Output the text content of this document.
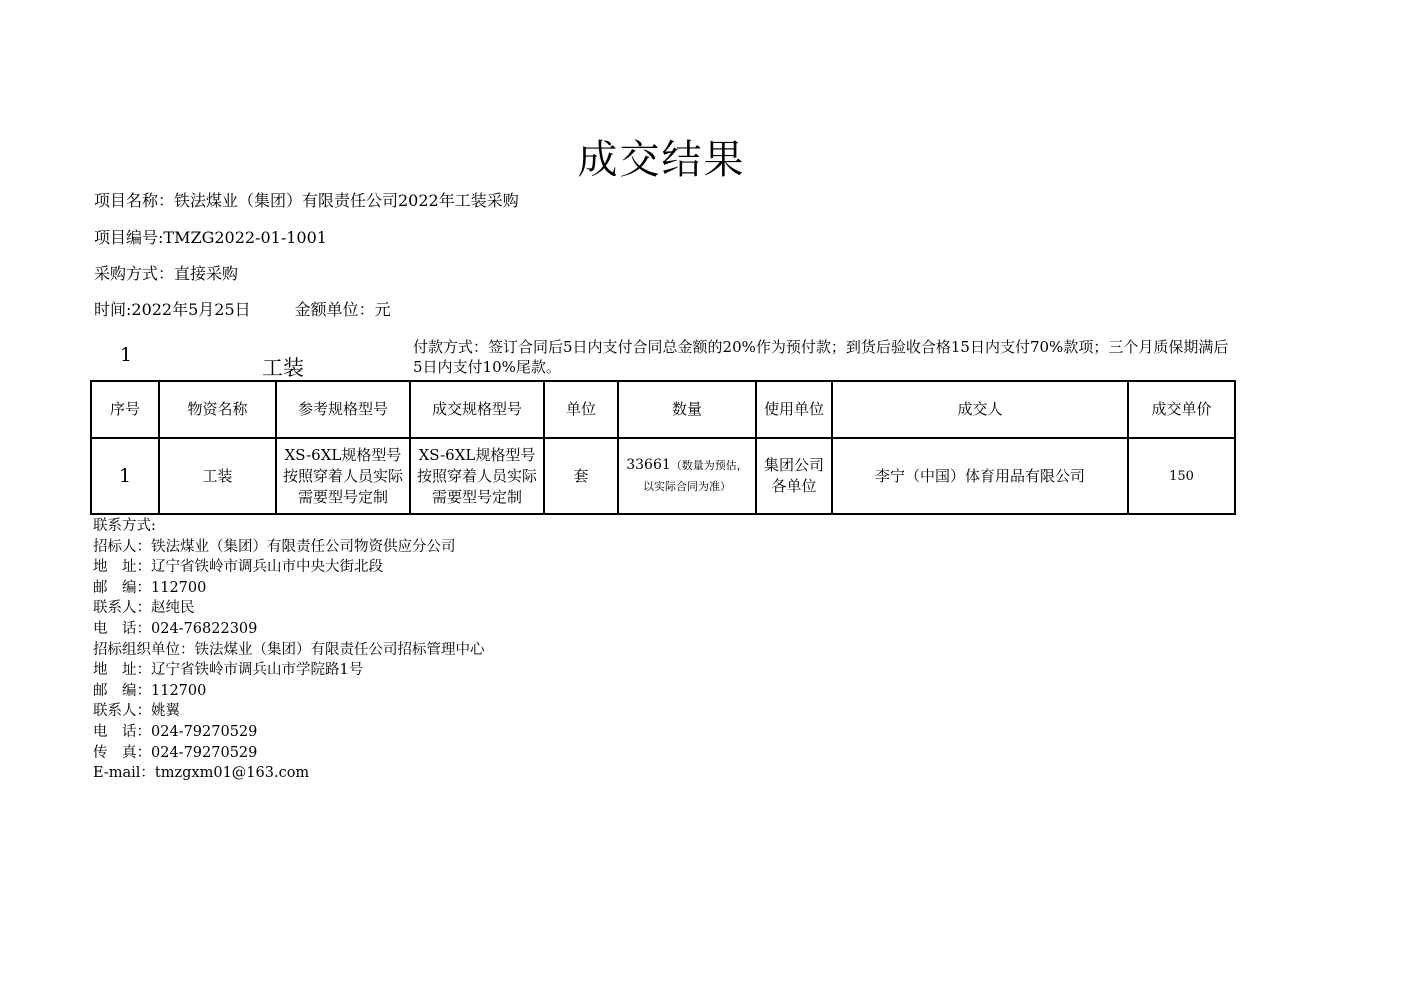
成交结果
项目名称：铁法煤业（集团）有限责任公司2022年工装采购
项目编号:TMZG2022-01-1001
采购方式：直接采购
时间:2022年5月25日	金额单位：元
1
工装
付款方式：签订合同后5日内支付合同总金额的20%作为预付款；到货后验收合格15日内支付70%款项；三个月质保期满后5日内支付10%尾款。
序号	物资名称	参考规格型号	成交规格型号	单位	数量	使用单位	成交人	成交单价
1	工装	XS-6XL规格型号按照穿着人员实际需要型号定制	XS-6XL规格型号按照穿着人员实际需要型号定制	套	33661（数量为预估，以实际合同为准）	集团公司各单位	李宁（中国）体育用品有限公司	150
联系方式:
招标人：铁法煤业（集团）有限责任公司物资供应分公司
地　址：辽宁省铁岭市调兵山市中央大街北段
邮　编：112700
联系人：赵纯民
电　话：024-76822309
招标组织单位：铁法煤业（集团）有限责任公司招标管理中心
地　址：辽宁省铁岭市调兵山市学院路1号
邮　编：112700
联系人：姚翼
电　话：024-79270529
传　真：024-79270529
E-mail：tmzgxm01@163.com
